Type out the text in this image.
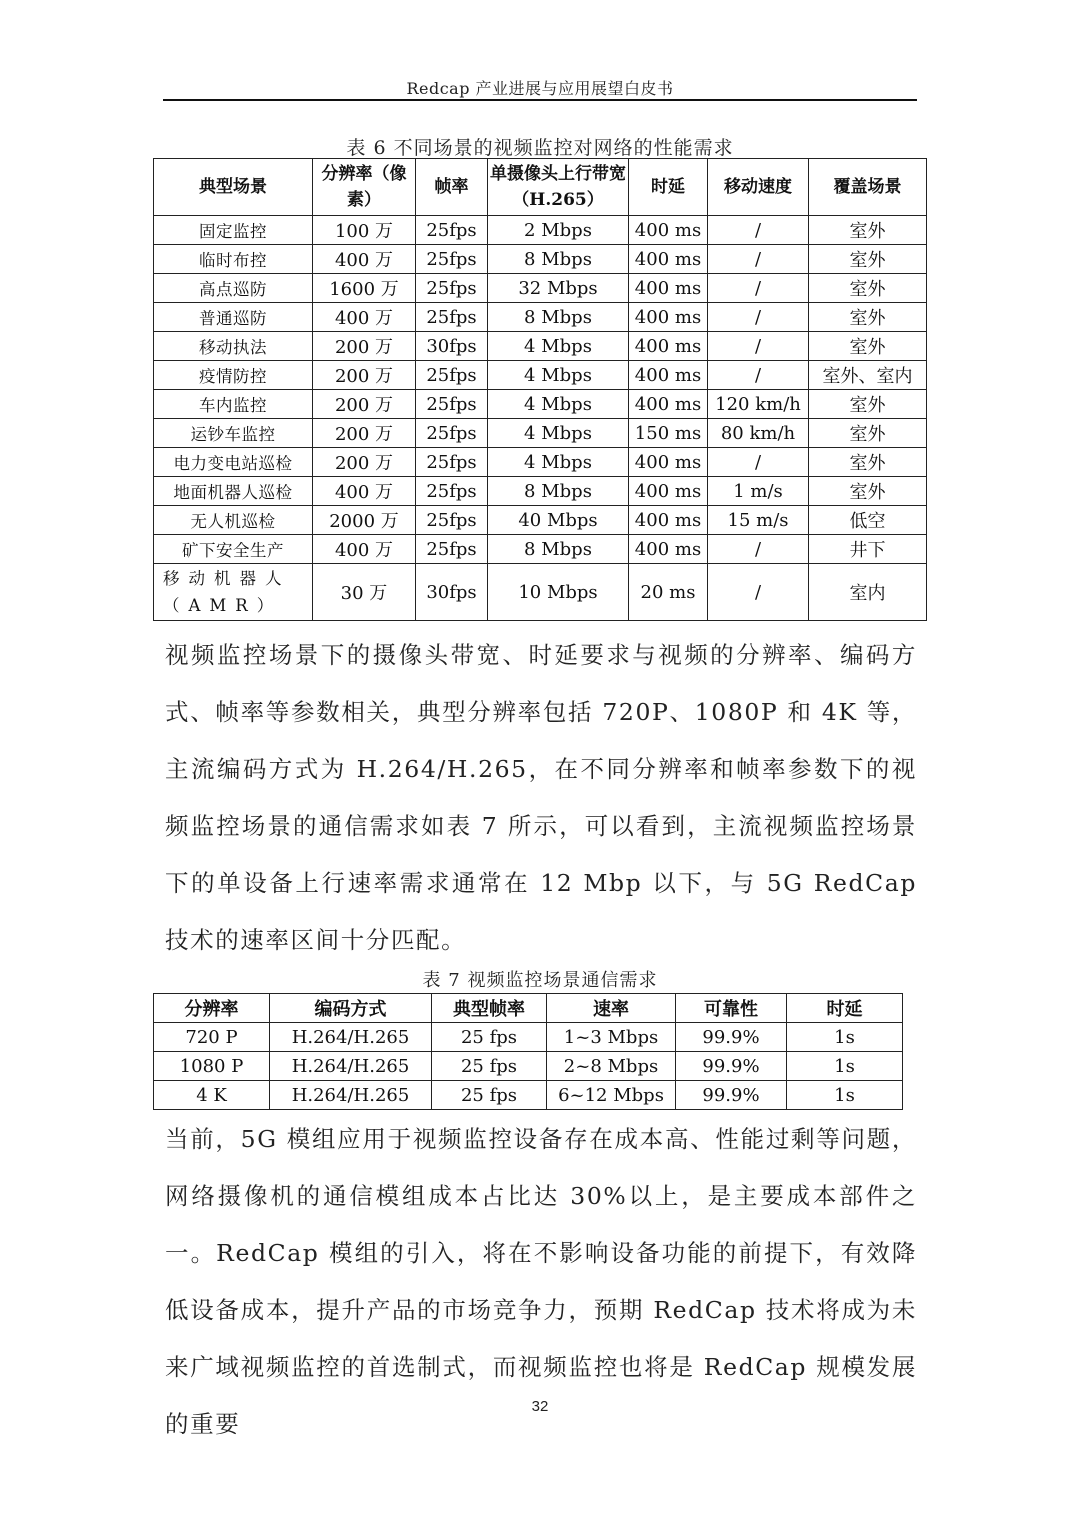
Redcap 产业进展与应用展望白皮书
表 6 不同场景的视频监控对网络的性能需求
典型场景	分辨率（像素）	帧率	单摄像头上行带宽（H.265）	时延	移动速度	覆盖场景
固定监控	100 万	25fps	2 Mbps	400 ms	/	室外
临时布控	400 万	25fps	8 Mbps	400 ms	/	室外
高点巡防	1600 万	25fps	32 Mbps	400 ms	/	室外
普通巡防	400 万	25fps	8 Mbps	400 ms	/	室外
移动执法	200 万	30fps	4 Mbps	400 ms	/	室外
疫情防控	200 万	25fps	4 Mbps	400 ms	/	室外、室内
车内监控	200 万	25fps	4 Mbps	400 ms	120 km/h	室外
运钞车监控	200 万	25fps	4 Mbps	150 ms	80 km/h	室外
电力变电站巡检	200 万	25fps	4 Mbps	400 ms	/	室外
地面机器人巡检	400 万	25fps	8 Mbps	400 ms	1 m/s	室外
无人机巡检	2000 万	25fps	40 Mbps	400 ms	15 m/s	低空
矿下安全生产	400 万	25fps	8 Mbps	400 ms	/	井下
移动机器人（AMR）	30 万	30fps	10 Mbps	20 ms	/	室内

视频监控场景下的摄像头带宽、时延要求与视频的分辨率、编码方式、帧率等参数相关，典型分辨率包括 720P、1080P 和 4K 等，主流编码方式为 H.264/H.265，在不同分辨率和帧率参数下的视频监控场景的通信需求如表 7 所示，可以看到，主流视频监控场景下的单设备上行速率需求通常在 12 Mbp 以下，与 5G RedCap 技术的速率区间十分匹配。

表 7 视频监控场景通信需求
分辨率	编码方式	典型帧率	速率	可靠性	时延
720 P	H.264/H.265	25 fps	1~3 Mbps	99.9%	1s
1080 P	H.264/H.265	25 fps	2~8 Mbps	99.9%	1s
4 K	H.264/H.265	25 fps	6~12 Mbps	99.9%	1s

当前，5G 模组应用于视频监控设备存在成本高、性能过剩等问题，网络摄像机的通信模组成本占比达 30%以上，是主要成本部件之一。RedCap 模组的引入，将在不影响设备功能的前提下，有效降低设备成本，提升产品的市场竞争力，预期 RedCap 技术将成为未来广域视频监控的首选制式，而视频监控也将是 RedCap 规模发展的重要

32
